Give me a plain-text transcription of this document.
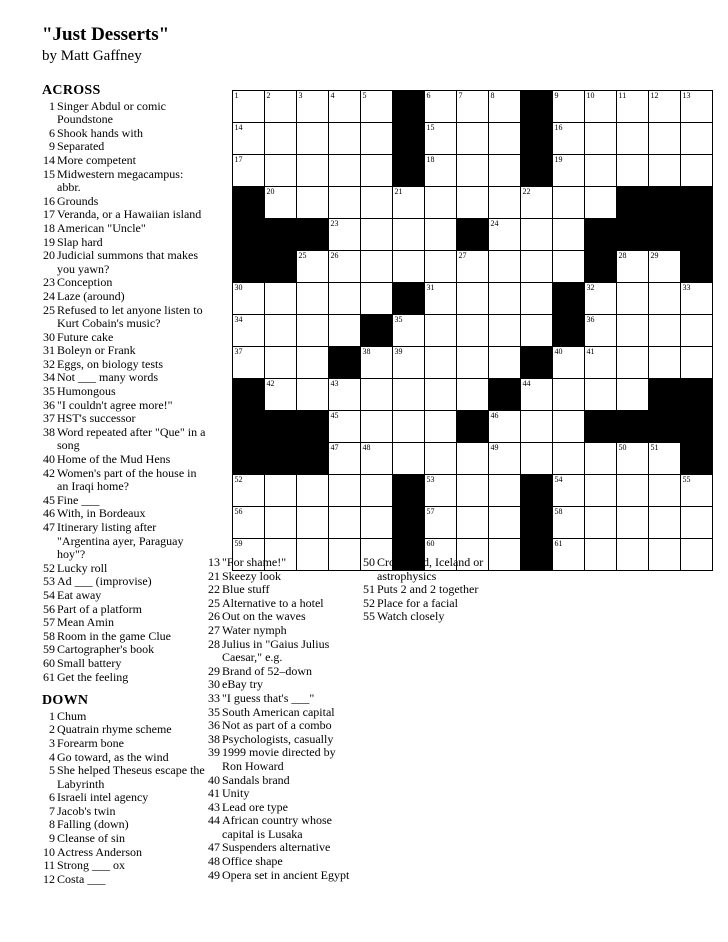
"Just Desserts"
by Matt Gaffney
1	2	3	4	5		6	7	8		9	10	11	12	13

14						15				16				

17						18				19				

	20				21				22					

			23					24						

		25	26				27					28	29	

30						31					32			33

34					35						36			

37				38	39					40	41			

	42		43						44					

			45					46						

			47	48				49				50	51	

52						53				54				55

56						57				58				

59						60				61				

ACROSS
1 Singer Abdul or comic Poundstone
6 Shook hands with
9 Separated
14 More competent
15 Midwestern megacampus: abbr.
16 Grounds
17 Veranda, or a Hawaiian island
18 American "Uncle"
19 Slap hard
20 Judicial summons that makes you yawn?
23 Conception
24 Laze (around)
25 Refused to let anyone listen to Kurt Cobain's music?
30 Future cake
31 Boleyn or Frank
32 Eggs, on biology tests
34 Not ___ many words
35 Humongous
36 "I couldn't agree more!"
37 HST's successor
38 Word repeated after "Que" in a song
40 Home of the Mud Hens
42 Women's part of the house in an Iraqi home?
45 Fine ___
46 With, in Bordeaux
47 Itinerary listing after "Argentina ayer, Paraguay hoy"?
52 Lucky roll
53 Ad ___ (improvise)
54 Eat away
56 Part of a platform
57 Mean Amin
58 Room in the game Clue
59 Cartographer's book
60 Small battery
61 Get the feeling
DOWN
1 Chum
2 Quatrain rhyme scheme
3 Forearm bone
4 Go toward, as the wind
5 She helped Theseus escape the Labyrinth
6 Israeli intel agency
7 Jacob's twin
8 Falling (down)
9 Cleanse of sin
10 Actress Anderson
11 Strong ___ ox
12 Costa ___
13 "For shame!"
21 Skeezy look
22 Blue stuff
25 Alternative to a hotel
26 Out on the waves
27 Water nymph
28 Julius in "Gaius Julius Caesar," e.g.
29 Brand of 52–down
30 eBay try
33 "I guess that's ___"
35 South American capital
36 Not as part of a combo
38 Psychologists, casually
39 1999 movie directed by Ron Howard
40 Sandals brand
41 Unity
43 Lead ore type
44 African country whose capital is Lusaka
47 Suspenders alternative
48 Office shape
49 Opera set in ancient Egypt
50 Crossword, Iceland or astrophysics
51 Puts 2 and 2 together
52 Place for a facial
55 Watch closely
